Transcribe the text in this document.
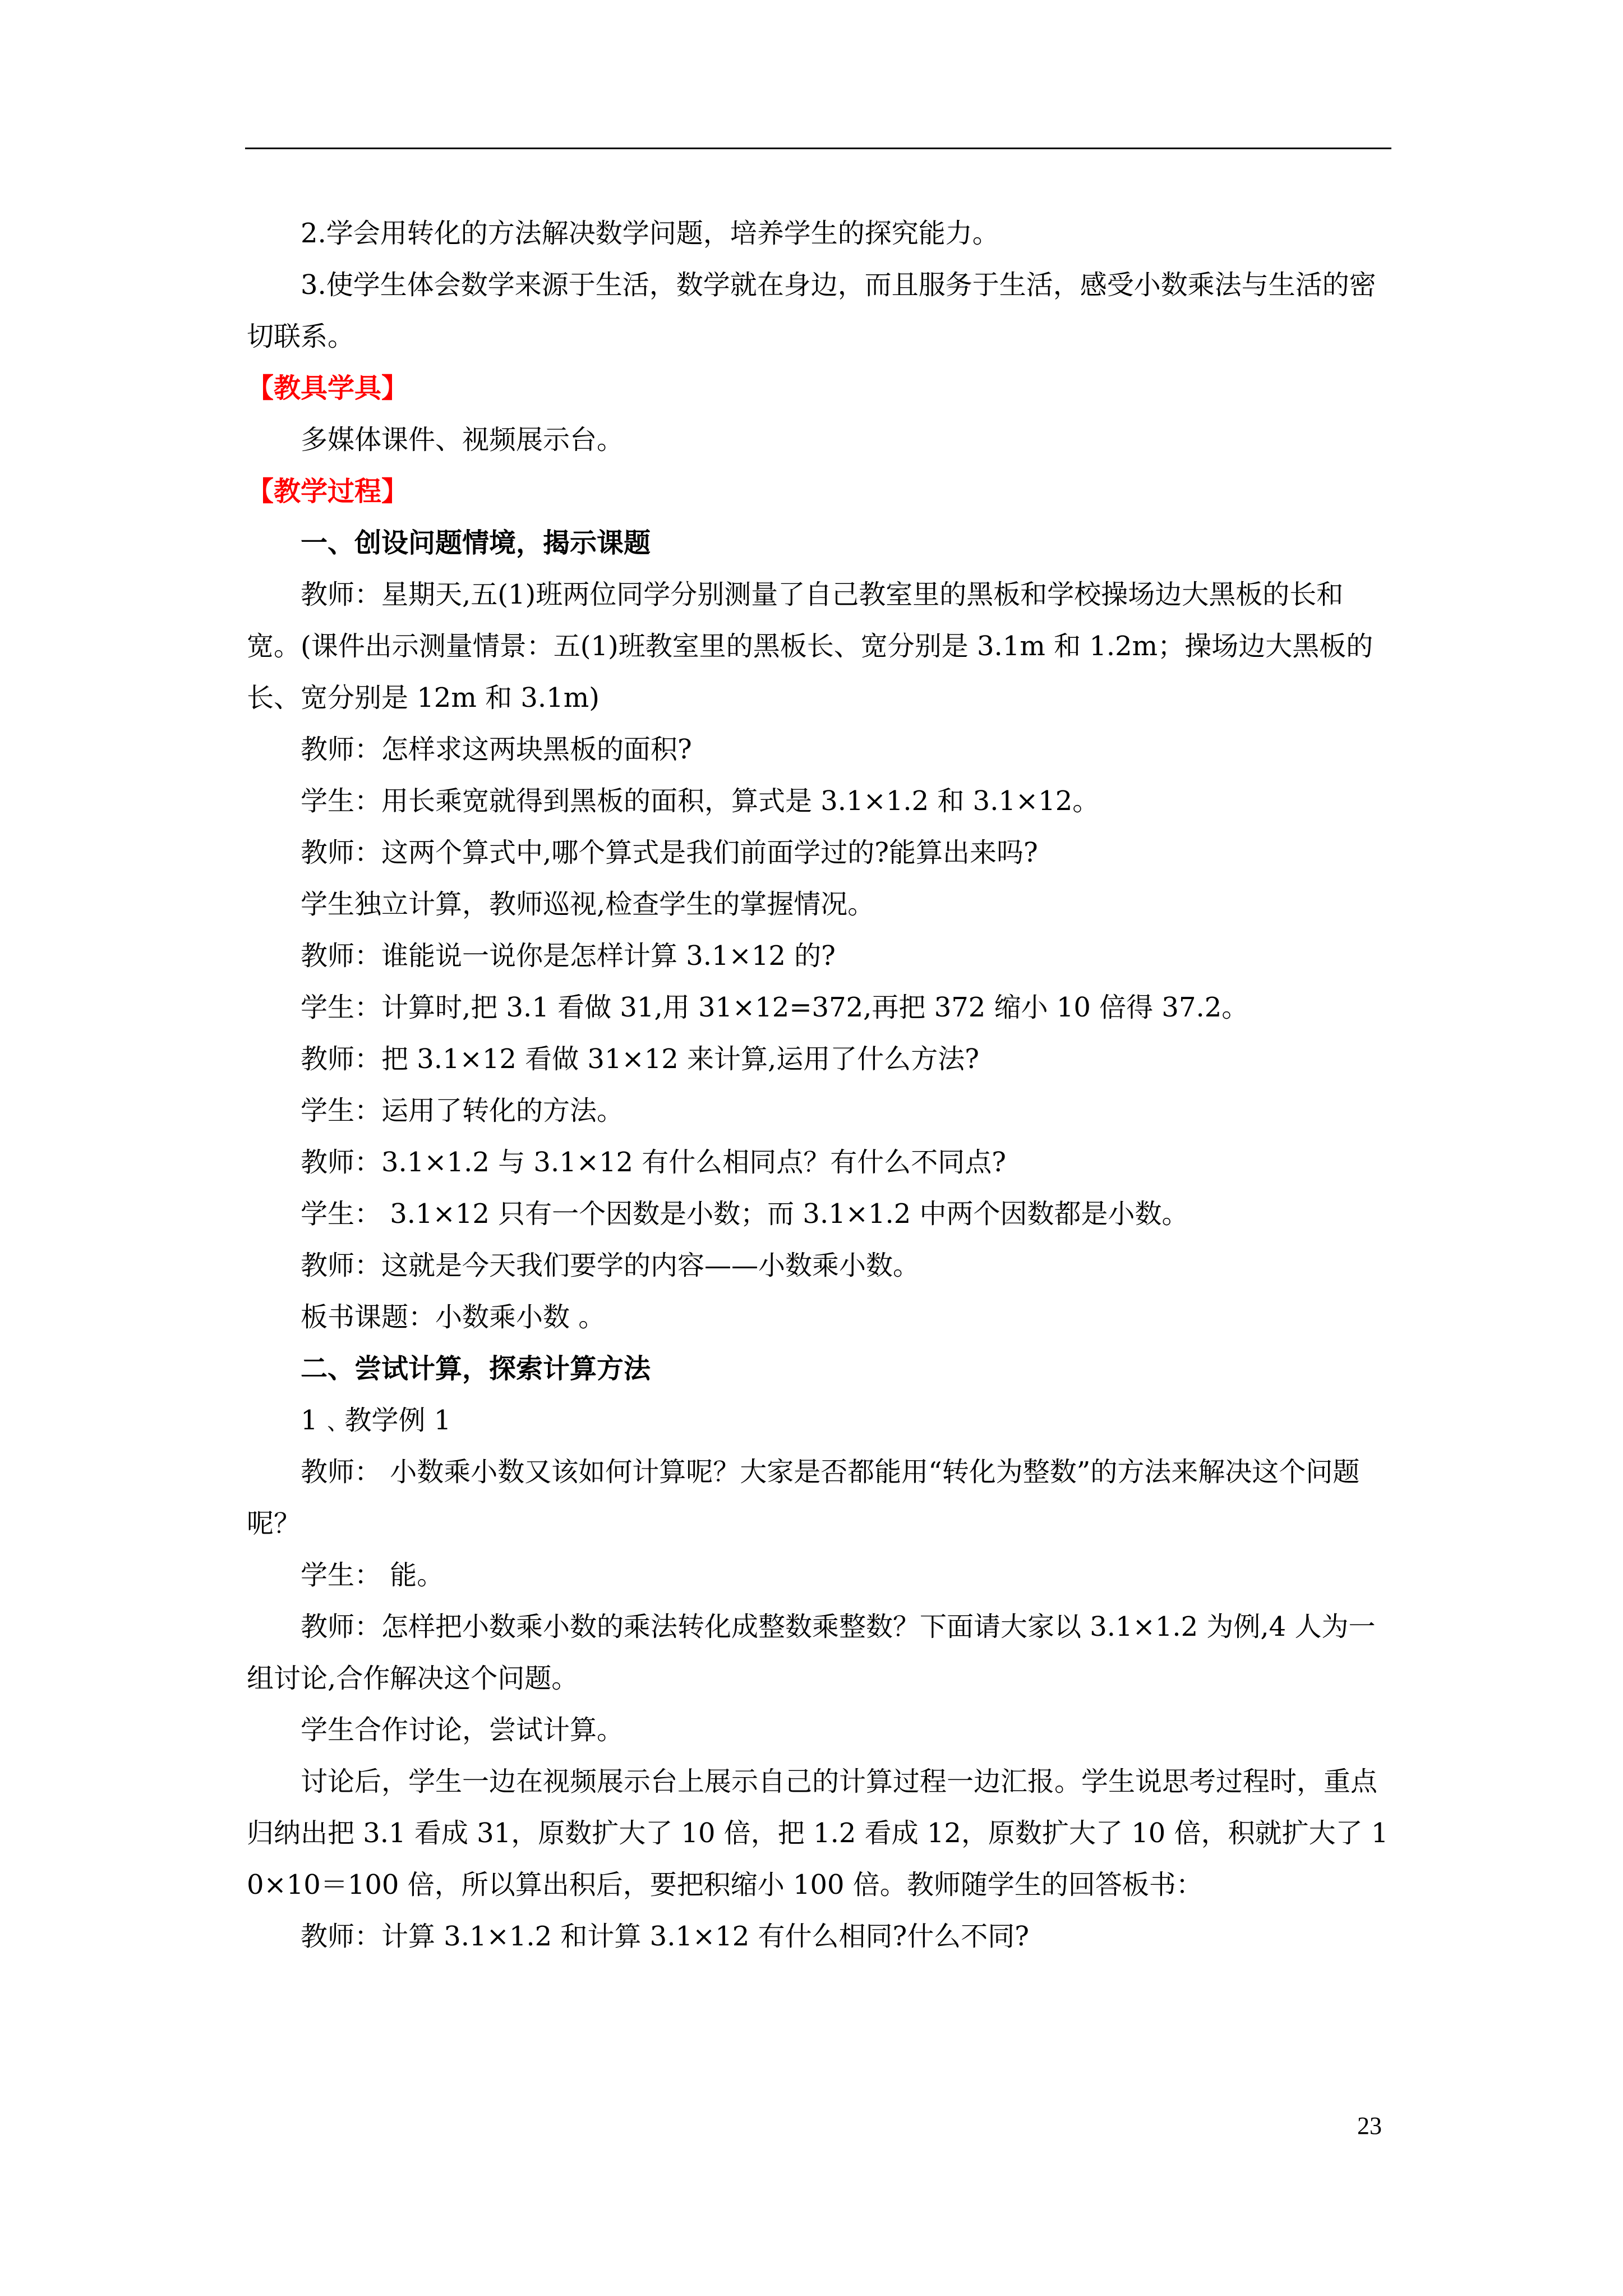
2.学会用转化的方法解决数学问题，培养学生的探究能力。

3.使学生体会数学来源于生活，数学就在身边，而且服务于生活，感受小数乘法与生活的密切联系。

【教具学具】

多媒体课件、视频展示台。

【教学过程】

一、创设问题情境，揭示课题

教师：星期天,五(1)班两位同学分别测量了自己教室里的黑板和学校操场边大黑板的长和宽。(课件出示测量情景：五(1)班教室里的黑板长、宽分别是 3.1m 和 1.2m；操场边大黑板的长、宽分别是 12m 和 3.1m)

教师：怎样求这两块黑板的面积?

学生：用长乘宽就得到黑板的面积，算式是 3.1×1.2 和 3.1×12。

教师：这两个算式中,哪个算式是我们前面学过的?能算出来吗?

学生独立计算，教师巡视,检查学生的掌握情况。

教师：谁能说一说你是怎样计算 3.1×12 的?

学生：计算时,把 3.1 看做 31,用 31×12=372,再把 372 缩小 10 倍得 37.2。

教师：把 3.1×12 看做 31×12 来计算,运用了什么方法?

学生：运用了转化的方法。

教师：3.1×1.2 与 3.1×12 有什么相同点？有什么不同点?

学生： 3.1×12 只有一个因数是小数；而 3.1×1.2 中两个因数都是小数。

教师：这就是今天我们要学的内容——小数乘小数。

板书课题：小数乘小数 。

二、尝试计算，探索计算方法

1﹑教学例 1

教师： 小数乘小数又该如何计算呢？大家是否都能用“转化为整数”的方法来解决这个问题呢？

学生： 能。

教师：怎样把小数乘小数的乘法转化成整数乘整数？下面请大家以 3.1×1.2 为例,4 人为一组讨论,合作解决这个问题。

学生合作讨论，尝试计算。

讨论后，学生一边在视频展示台上展示自己的计算过程一边汇报。学生说思考过程时，重点归纳出把 3.1 看成 31，原数扩大了 10 倍，把 1.2 看成 12，原数扩大了 10 倍，积就扩大了 10×10＝100 倍，所以算出积后，要把积缩小 100 倍。教师随学生的回答板书：

教师：计算 3.1×1.2 和计算 3.1×12 有什么相同?什么不同?

23
